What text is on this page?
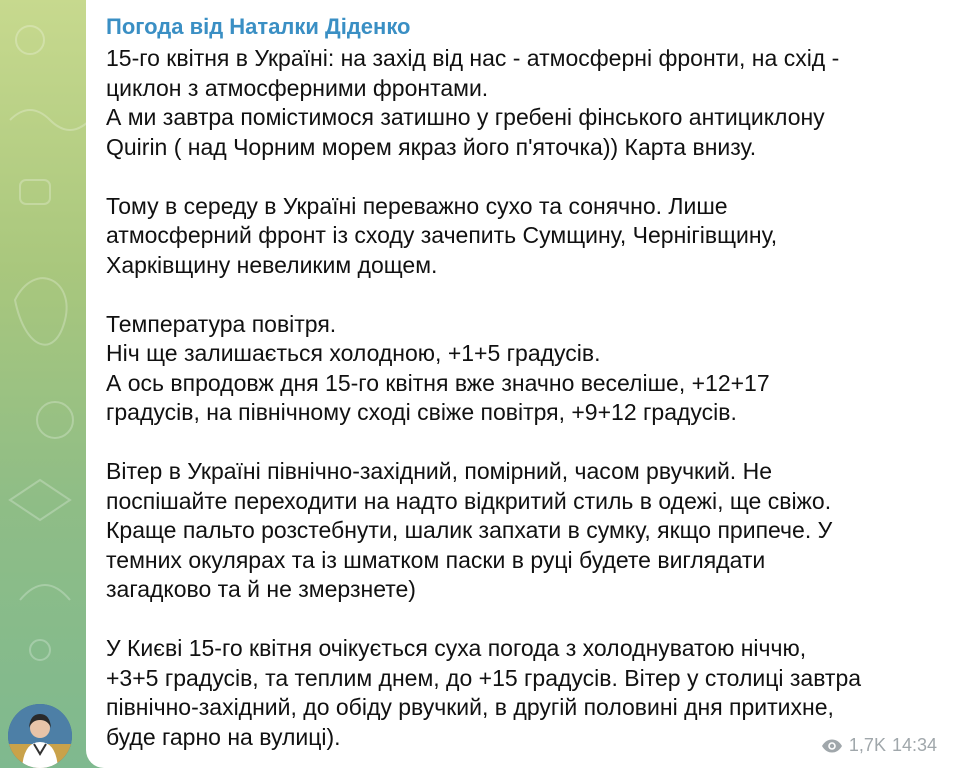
Погода від Наталки Діденко

15-го квітня в Україні: на захід від нас - атмосферні фронти, на схід -
циклон з атмосферними фронтами.
А ми завтра помістимося затишно у гребені фінського антициклону
Quirin ( над Чорним морем якраз його п'яточка)) Карта внизу.

Тому в середу в Україні переважно сухо та сонячно. Лише
атмосферний фронт із сходу зачепить Сумщину, Чернігівщину,
Харківщину невеликим дощем.

Температура повітря.
Ніч ще залишається холодною, +1+5 градусів.
А ось впродовж дня 15-го квітня вже значно веселіше, +12+17
градусів, на північному сході свіже повітря, +9+12 градусів.

Вітер в Україні північно-західний, помірний, часом рвучкий. Не
поспішайте переходити на надто відкритий стиль в одежі, ще свіжо.
Краще пальто розстебнути, шалик запхати в сумку, якщо припече. У
темних окулярах та із шматком паски в руці будете виглядати
загадково та й не змерзнете)

У Києві 15-го квітня очікується суха погода з холоднуватою ніччю,
+3+5 градусів, та теплим днем, до +15 градусів. Вітер у столиці завтра
північно-західний, до обіду рвучкий, в другій половині дня притихне,
буде гарно на вулиці).	1,7K 14:34
